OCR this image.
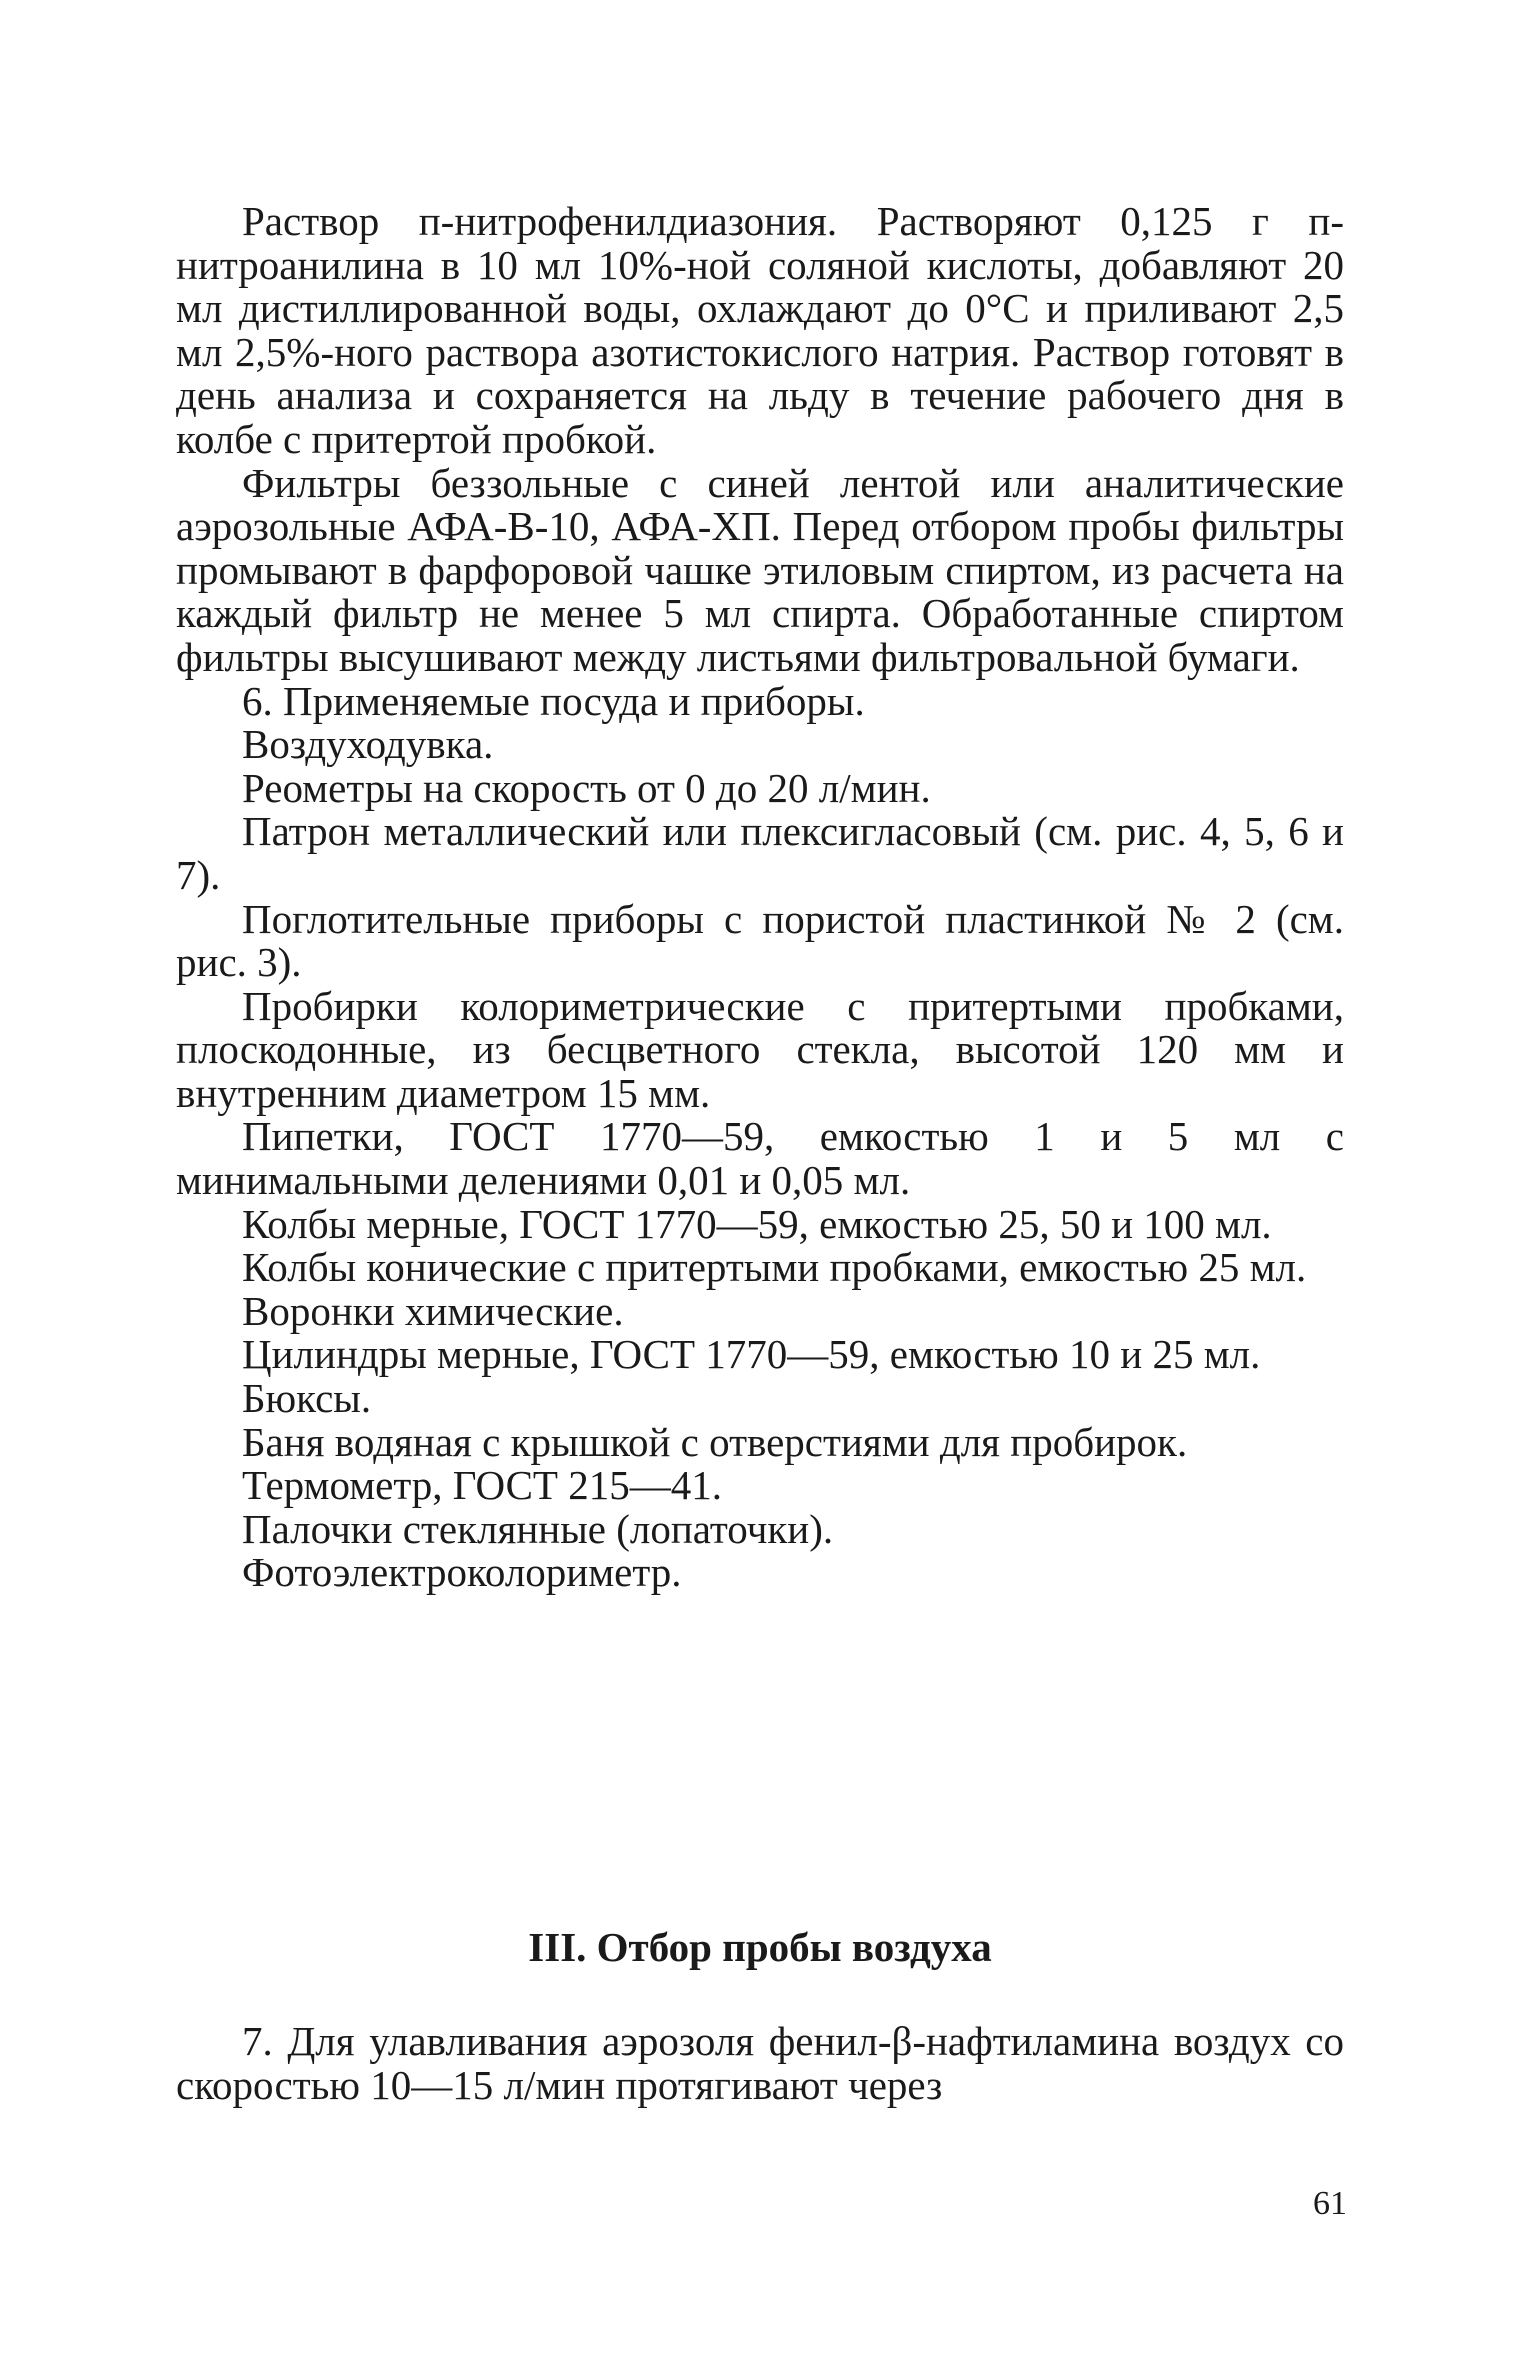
Раствор п-нитрофенилдиазония. Растворяют 0,125 г п-нитроанилина в 10 мл 10%-ной соляной кислоты, добавляют 20 мл дистиллированной воды, охлаждают до 0°С и приливают 2,5 мл 2,5%-ного раствора азотистокислого натрия. Раствор готовят в день анализа и сохраняется на льду в течение рабочего дня в колбе с притертой пробкой.

Фильтры беззольные с синей лентой или аналитические аэрозольные АФА-В-10, АФА-ХП. Перед отбором пробы фильтры промывают в фарфоровой чашке этиловым спиртом, из расчета на каждый фильтр не менее 5 мл спирта. Обработанные спиртом фильтры высушивают между листьями фильтровальной бумаги.

6. Применяемые посуда и приборы.

Воздуходувка.

Реометры на скорость от 0 до 20 л/мин.

Патрон металлический или плексигласовый (см. рис. 4, 5, 6 и 7).

Поглотительные приборы с пористой пластинкой № 2 (см. рис. 3).

Пробирки колориметрические с притертыми пробками, плоскодонные, из бесцветного стекла, высотой 120 мм и внутренним диаметром 15 мм.

Пипетки, ГОСТ 1770—59, емкостью 1 и 5 мл с минимальными делениями 0,01 и 0,05 мл.

Колбы мерные, ГОСТ 1770—59, емкостью 25, 50 и 100 мл.

Колбы конические с притертыми пробками, емкостью 25 мл.

Воронки химические.

Цилиндры мерные, ГОСТ 1770—59, емкостью 10 и 25 мл.

Бюксы.

Баня водяная с крышкой с отверстиями для пробирок.

Термометр, ГОСТ 215—41.

Палочки стеклянные (лопаточки).

Фотоэлектроколориметр.

III. Отбор пробы воздуха

7. Для улавливания аэрозоля фенил-β-нафтиламина воздух со скоростью 10—15 л/мин протягивают через

61
